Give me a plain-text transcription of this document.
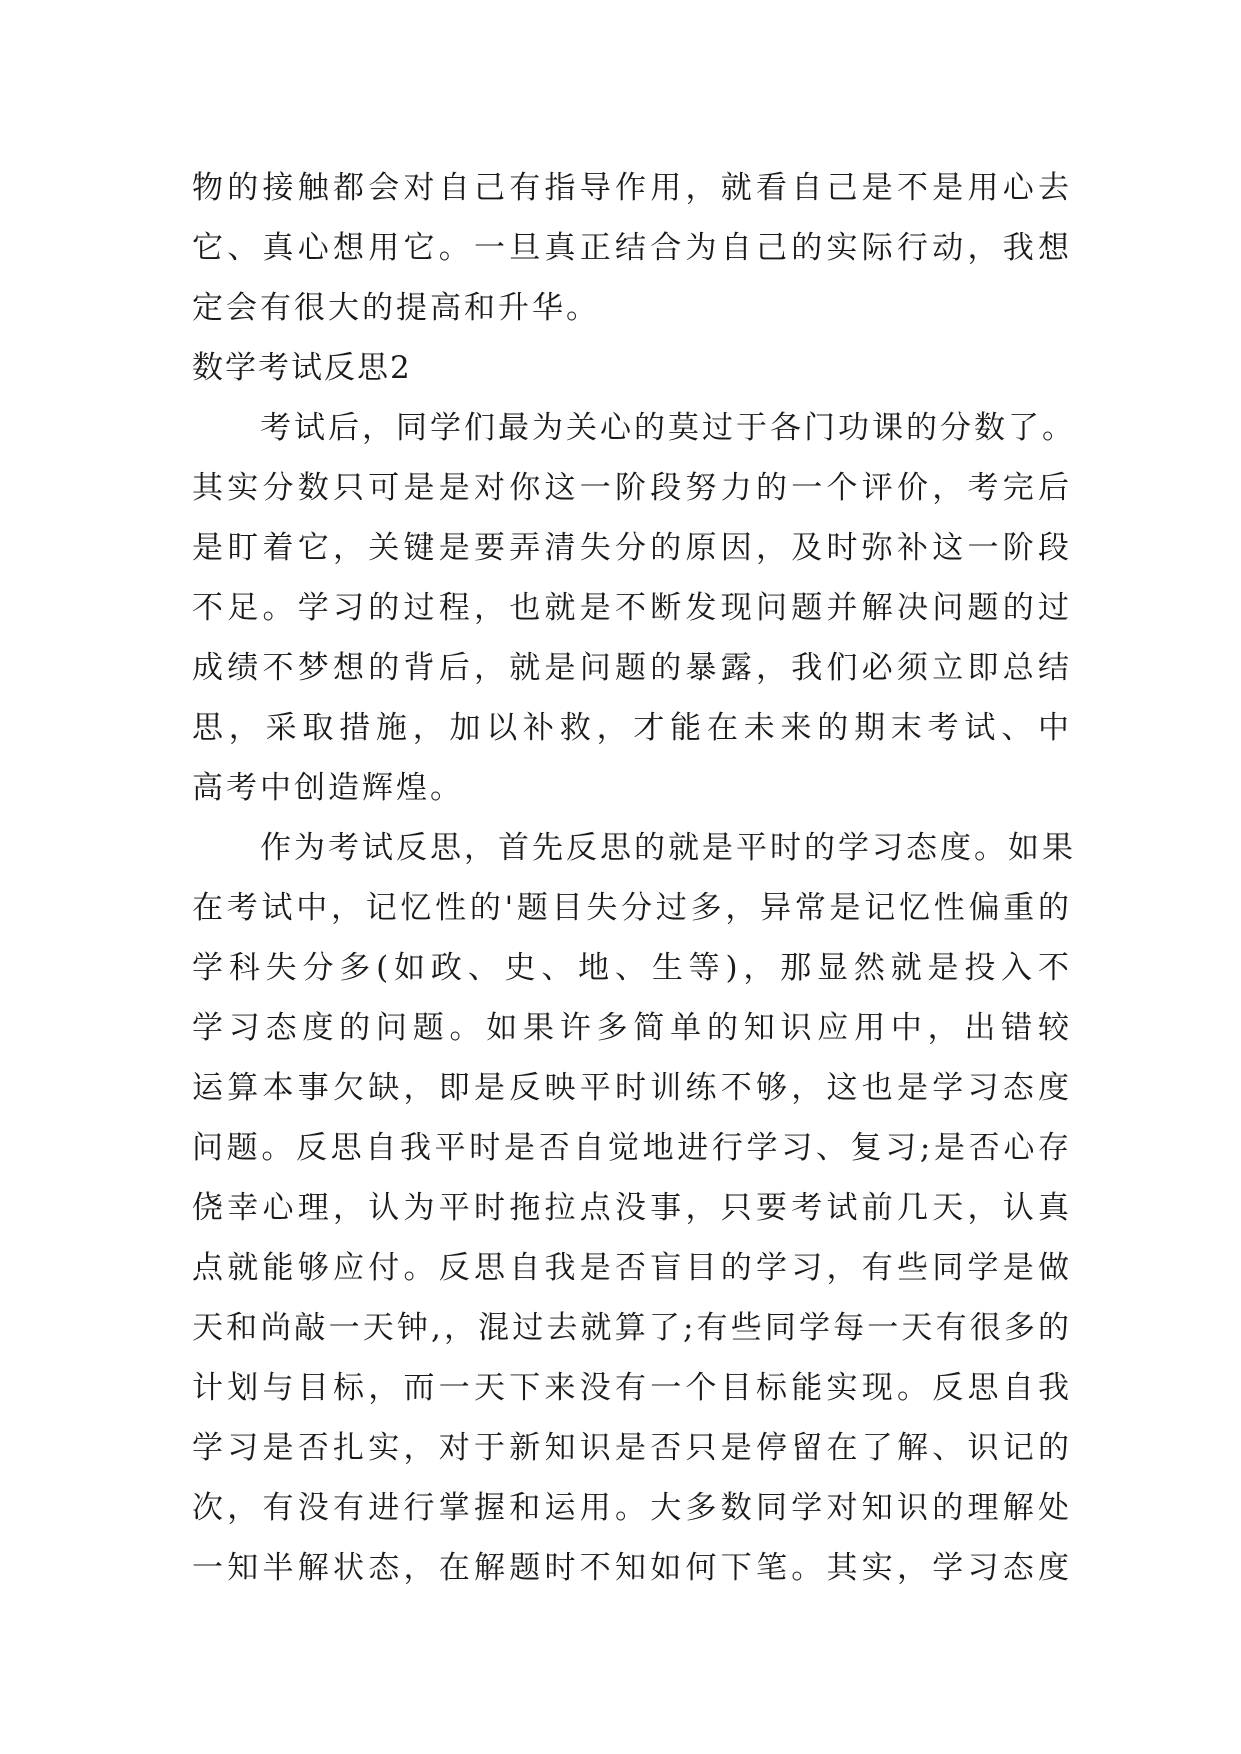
物的接触都会对自己有指导作用，就看自己是不是用心去
它、真心想用它。一旦真正结合为自己的实际行动，我想
定会有很大的提高和升华。
数学考试反思2
考试后，同学们最为关心的莫过于各门功课的分数了。
其实分数只可是是对你这一阶段努力的一个评价，考完后
是盯着它，关键是要弄清失分的原因，及时弥补这一阶段
不足。学习的过程，也就是不断发现问题并解决问题的过
成绩不梦想的背后，就是问题的暴露，我们必须立即总结
思，采取措施，加以补救，才能在未来的期末考试、中
高考中创造辉煌。
作为考试反思，首先反思的就是平时的学习态度。如果
在考试中，记忆性的'题目失分过多，异常是记忆性偏重的
学科失分多(如政、史、地、生等)，那显然就是投入不
学习态度的问题。如果许多简单的知识应用中，出错较
运算本事欠缺，即是反映平时训练不够，这也是学习态度
问题。反思自我平时是否自觉地进行学习、复习;是否心存
侥幸心理，认为平时拖拉点没事，只要考试前几天，认真
点就能够应付。反思自我是否盲目的学习，有些同学是做
天和尚敲一天钟,，混过去就算了;有些同学每一天有很多的
计划与目标，而一天下来没有一个目标能实现。反思自我
学习是否扎实，对于新知识是否只是停留在了解、识记的
次，有没有进行掌握和运用。大多数同学对知识的理解处
一知半解状态，在解题时不知如何下笔。其实，学习态度
